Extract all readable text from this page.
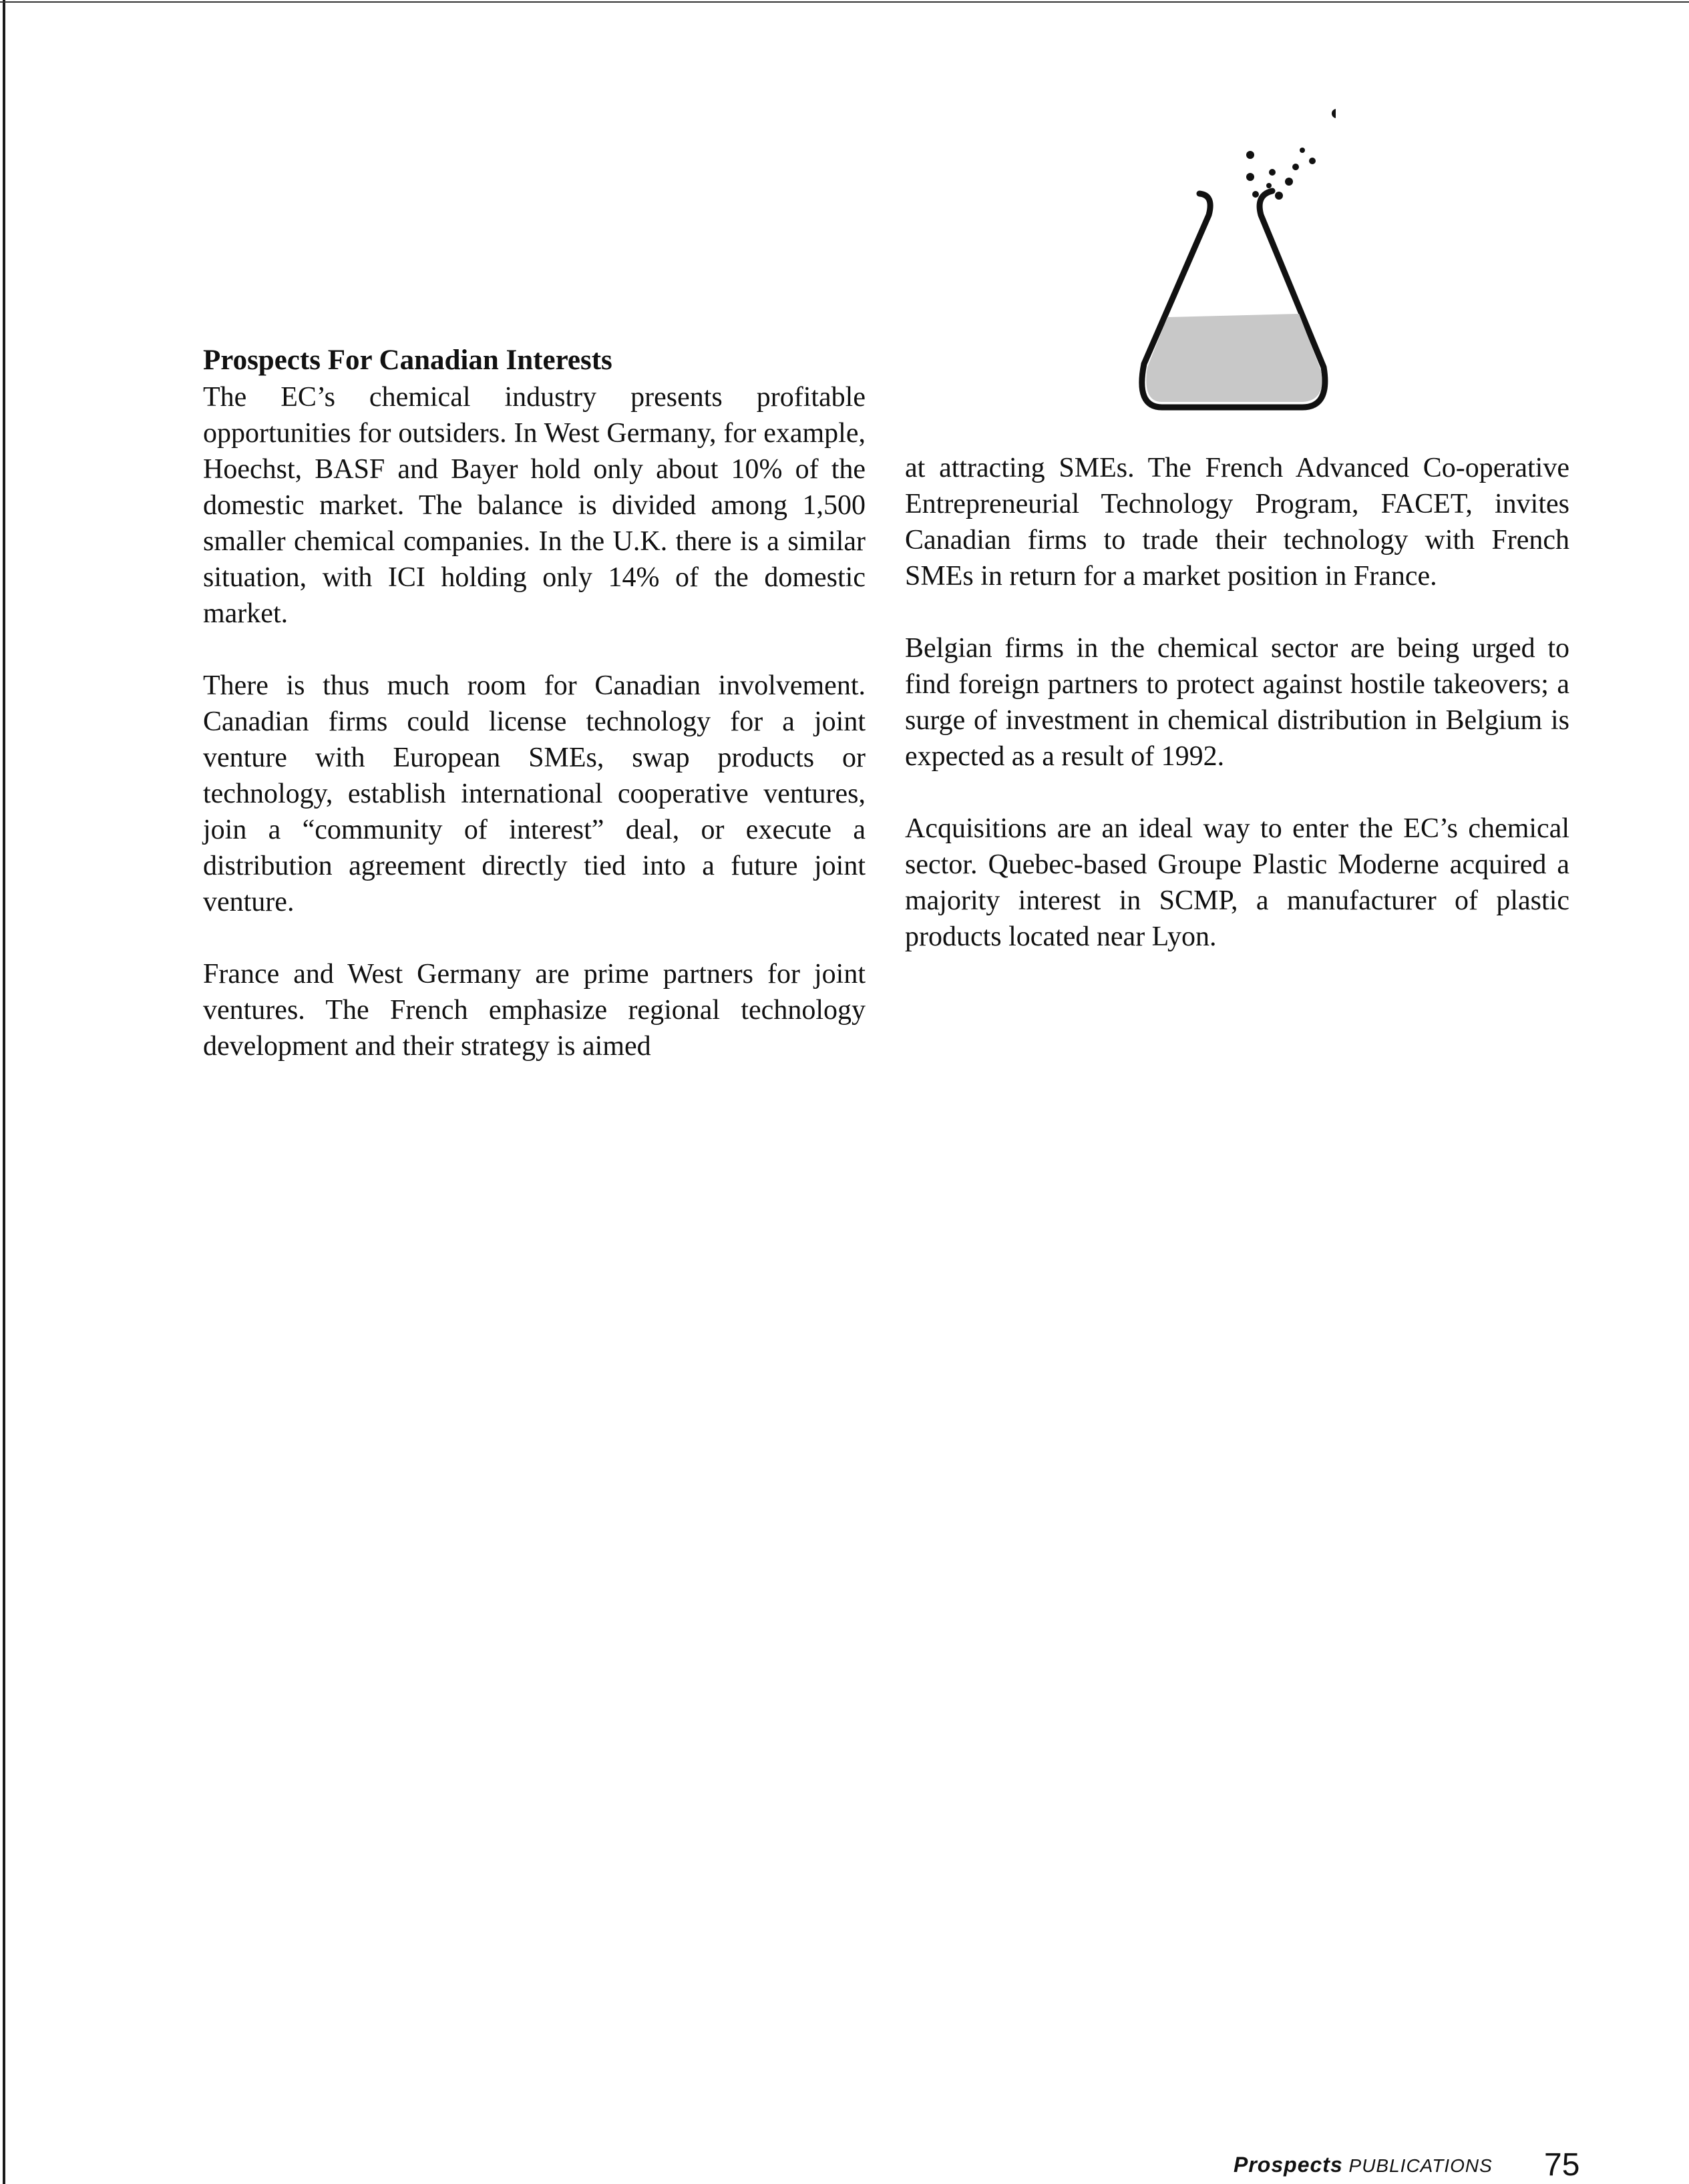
Prospects For Canadian Interests

The EC’s chemical industry presents profitable opportunities for outsiders. In West Germany, for example, Hoechst, BASF and Bayer hold only about 10% of the domestic market. The balance is divided among 1,500 smaller chemical companies. In the U.K. there is a similar situation, with ICI holding only 14% of the domestic market.

There is thus much room for Canadian involvement. Canadian firms could license technology for a joint venture with European SMEs, swap products or technology, establish international cooperative ventures, join a “community of interest” deal, or execute a distribution agreement directly tied into a future joint venture.

France and West Germany are prime partners for joint ventures. The French emphasize regional technology development and their strategy is aimed

at attracting SMEs. The French Advanced Co-operative Entrepreneurial Technology Program, FACET, invites Canadian firms to trade their technology with French SMEs in return for a market position in France.

Belgian firms in the chemical sector are being urged to find foreign partners to protect against hostile takeovers; a surge of investment in chemical distribution in Belgium is expected as a result of 1992.

Acquisitions are an ideal way to enter the EC’s chemical sector. Quebec-based Groupe Plastic Moderne acquired a majority interest in SCMP, a manufacturer of plastic products located near Lyon.

Prospects PUBLICATIONS 75
